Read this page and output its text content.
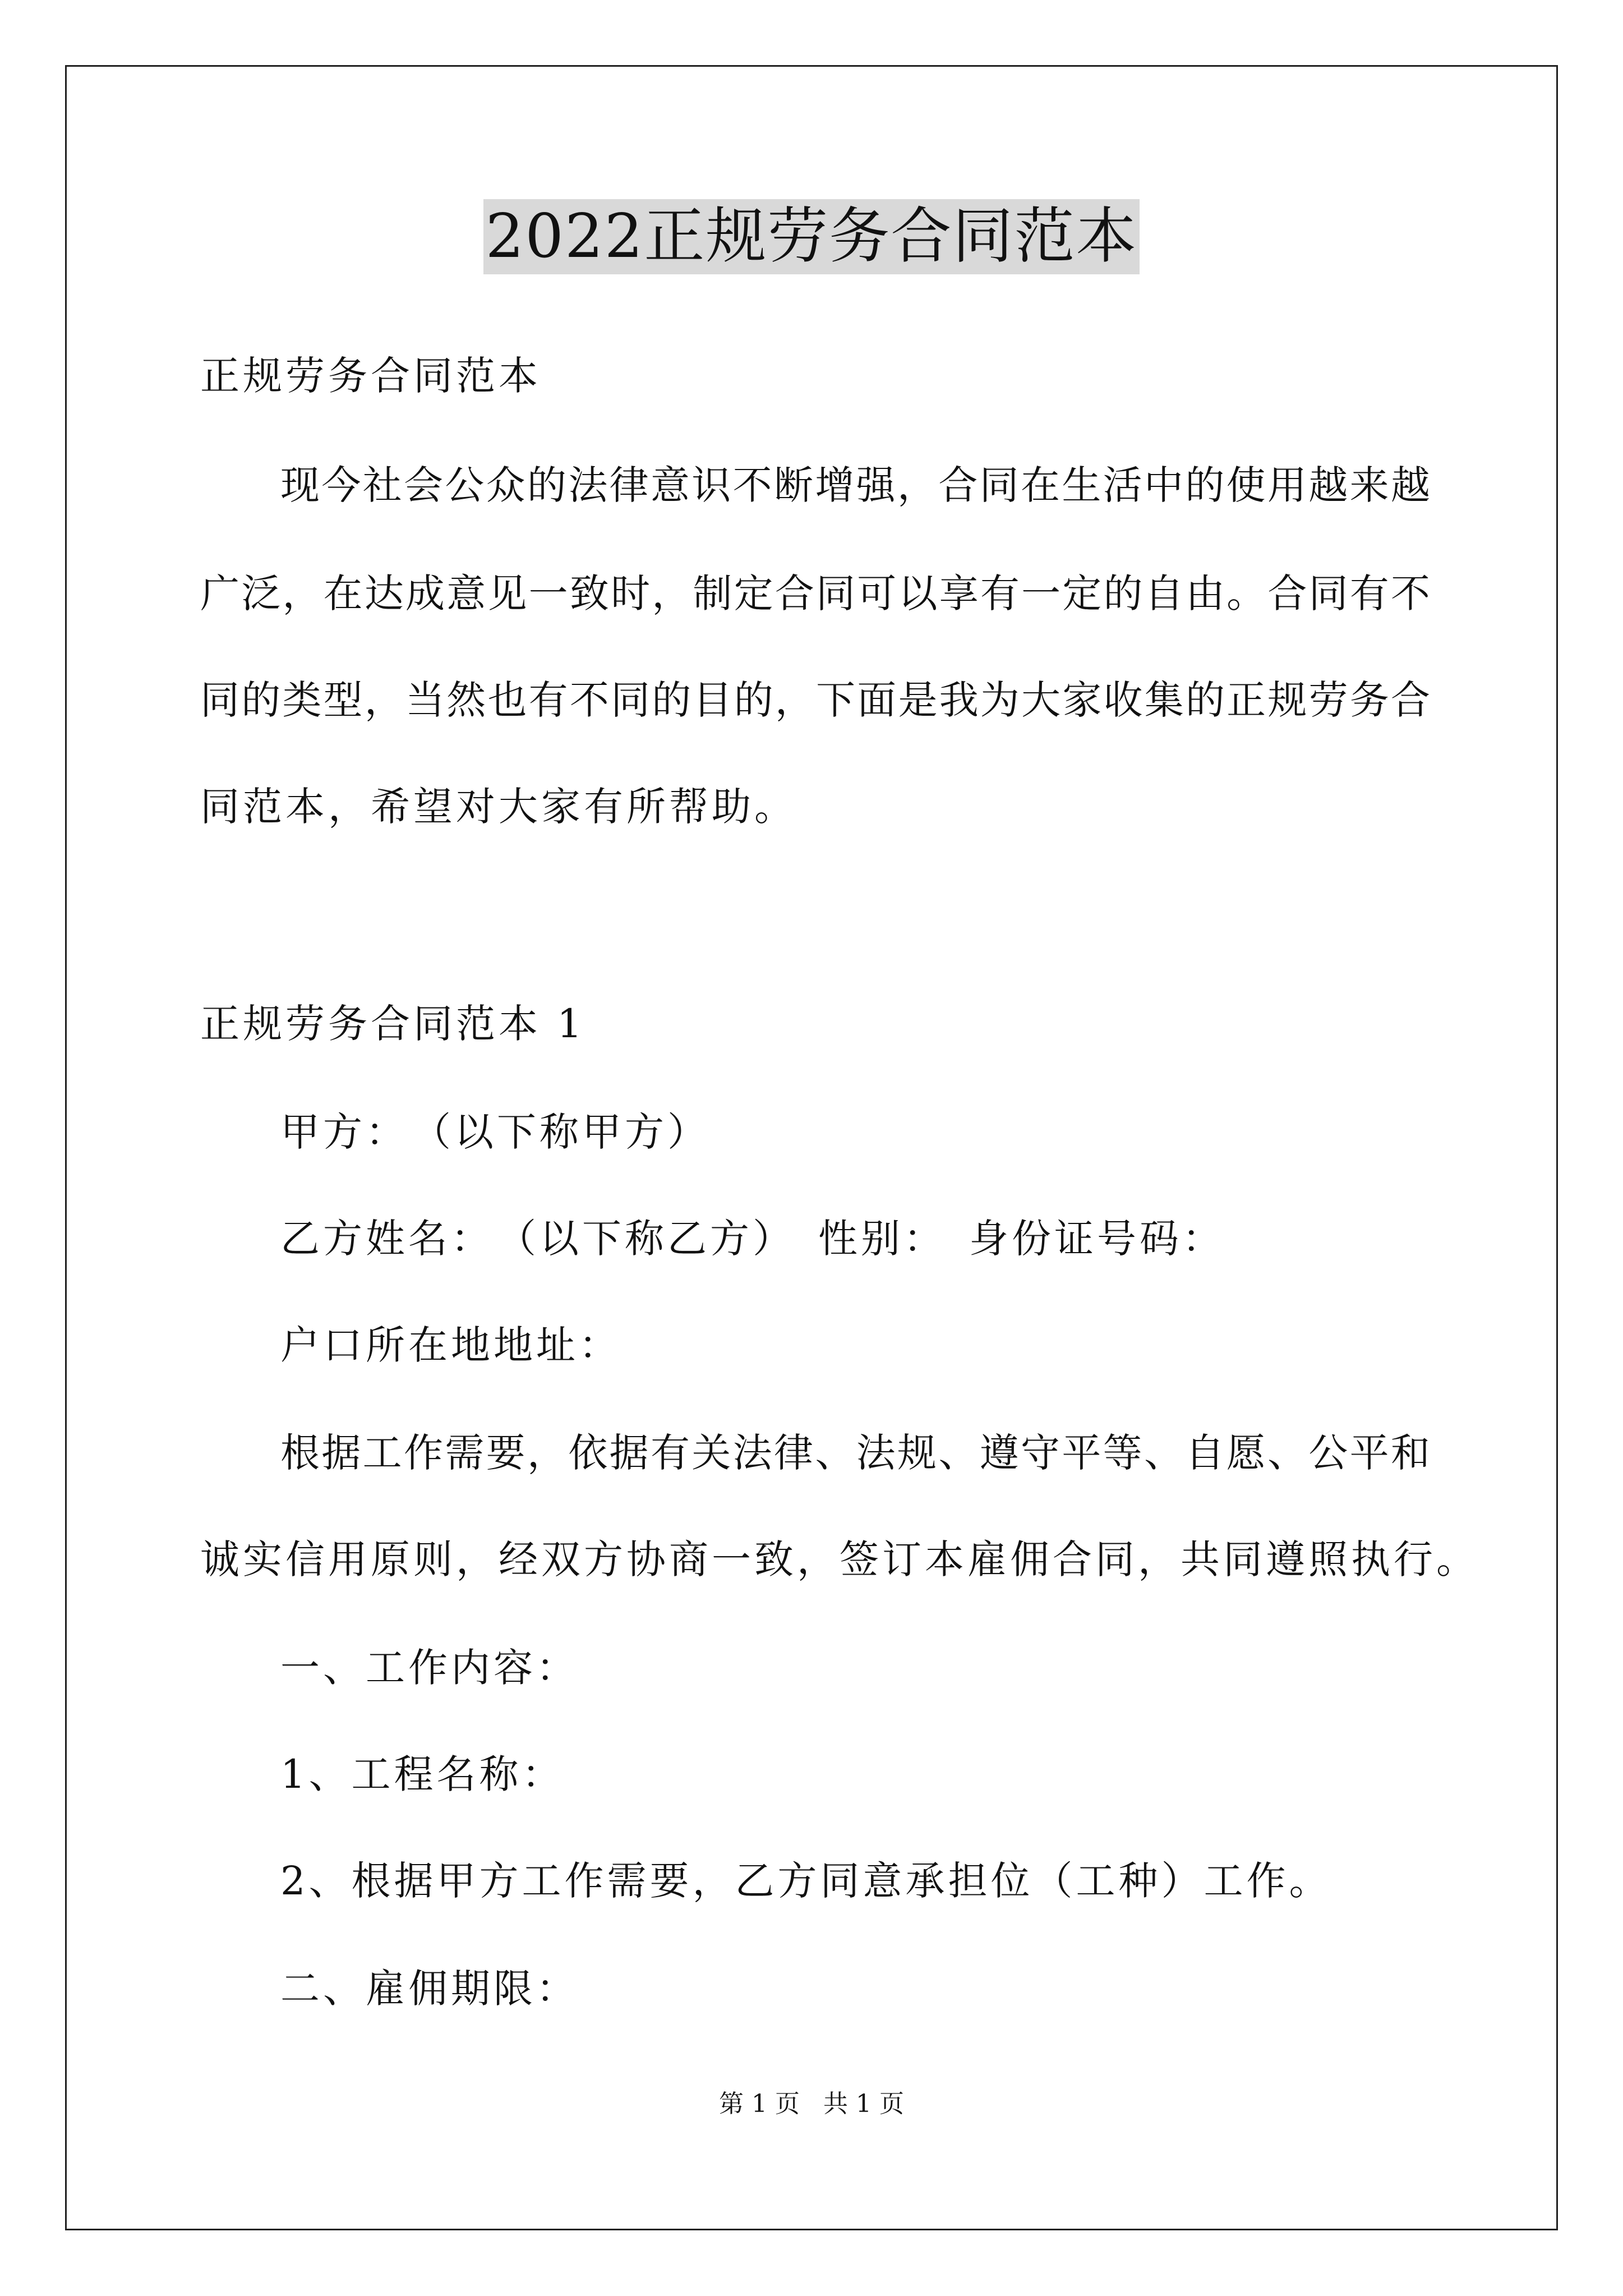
2022正规劳务合同范本
正规劳务合同范本
现今社会公众的法律意识不断增强，合同在生活中的使用越来越
广泛，在达成意见一致时，制定合同可以享有一定的自由。合同有不
同的类型，当然也有不同的目的，下面是我为大家收集的正规劳务合
同范本，希望对大家有所帮助。
正规劳务合同范本 1
甲方：　（以下称甲方）
乙方姓名：　（以下称乙方）　性别：　身份证号码：
户口所在地地址：
根据工作需要，依据有关法律、法规、遵守平等、自愿、公平和
诚实信用原则，经双方协商一致，签订本雇佣合同，共同遵照执行。
一、工作内容：
1、工程名称：
2、根据甲方工作需要，乙方同意承担位（工种）工作。
二、雇佣期限：
第 1 页 共 1 页
